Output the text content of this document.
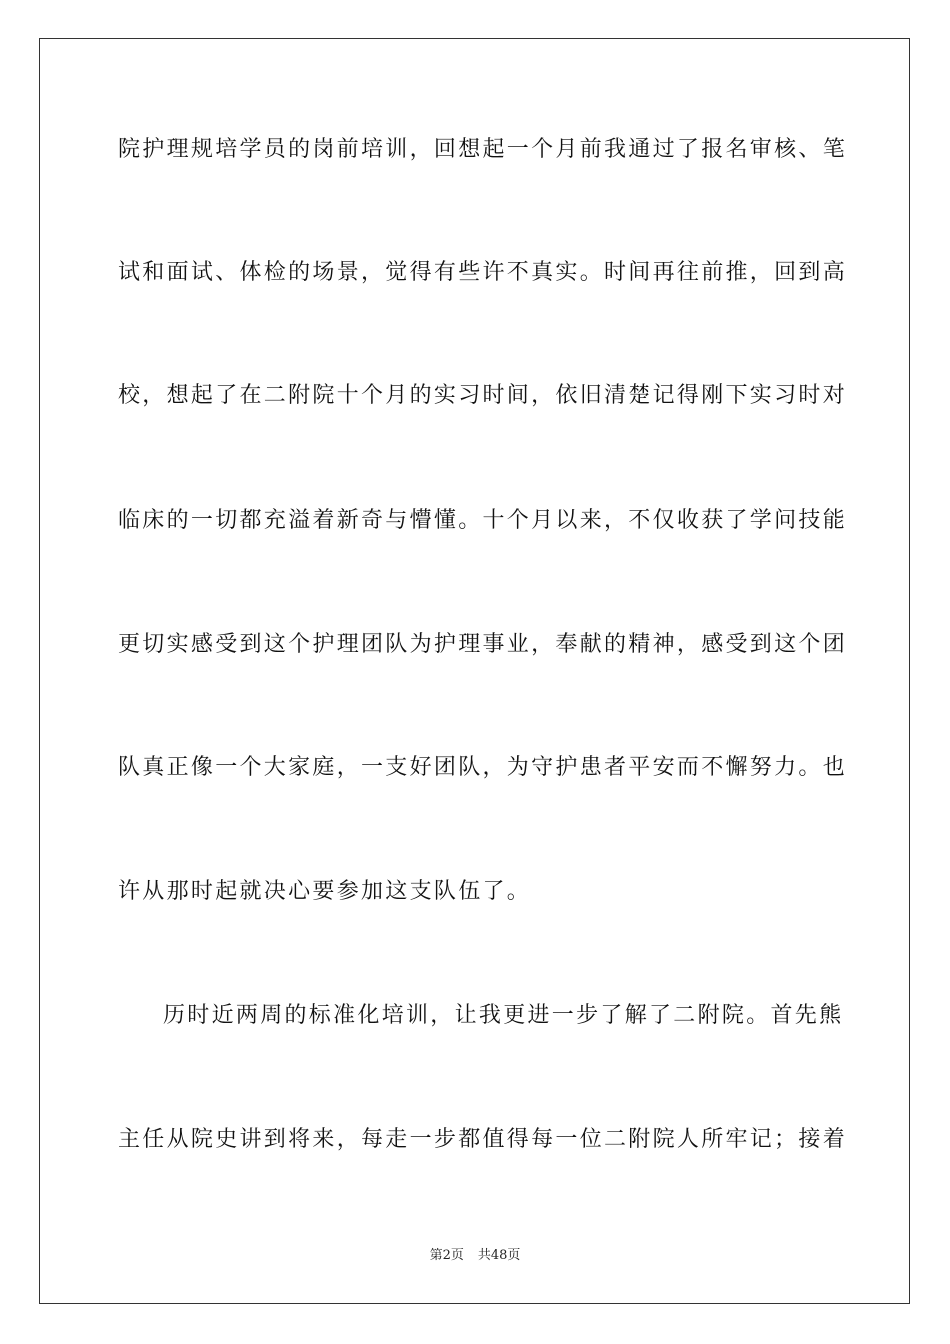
院护理规培学员的岗前培训，回想起一个月前我通过了报名审核、笔
试和面试、体检的场景，觉得有些许不真实。时间再往前推，回到高
校，想起了在二附院十个月的实习时间，依旧清楚记得刚下实习时对
临床的一切都充溢着新奇与懵懂。十个月以来，不仅收获了学问技能
更切实感受到这个护理团队为护理事业，奉献的精神，感受到这个团
队真正像一个大家庭，一支好团队，为守护患者平安而不懈努力。也
许从那时起就决心要参加这支队伍了。
历时近两周的标准化培训，让我更进一步了解了二附院。首先熊
主任从院史讲到将来，每走一步都值得每一位二附院人所牢记；接着
第2页 共48页
